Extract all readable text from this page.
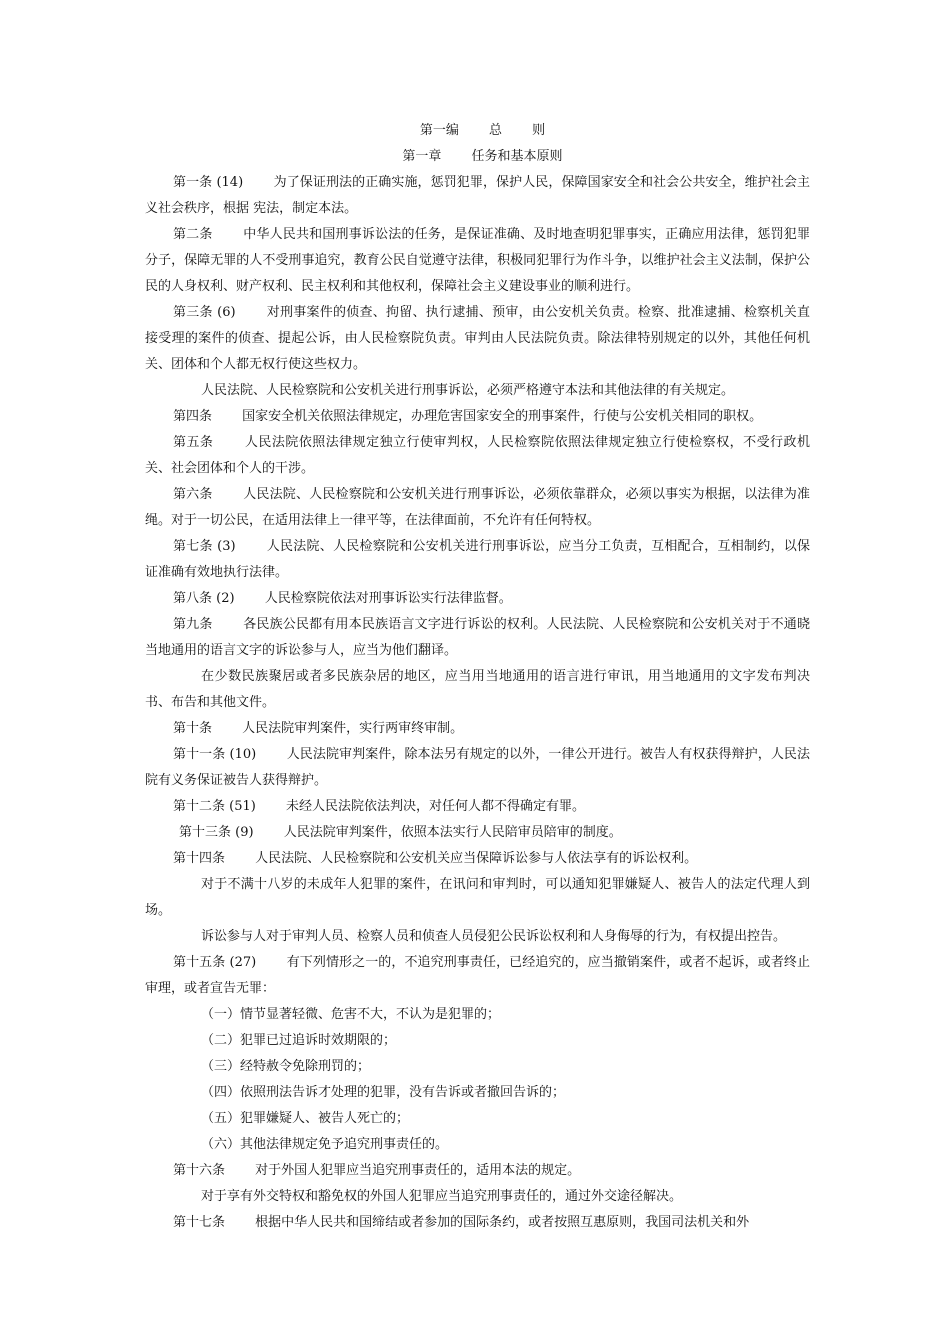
第一编　　 总　　 则

第一章　　 任务和基本原则

第一条 (14)　　 为了保证刑法的正确实施，惩罚犯罪，保护人民，保障国家安全和社会公共安全，维护社会主义社会秩序，根据 宪法，制定本法。

第二条　　 中华人民共和国刑事诉讼法的任务，是保证准确、及时地查明犯罪事实，正确应用法律，惩罚犯罪分子，保障无罪的人不受刑事追究，教育公民自觉遵守法律，积极同犯罪行为作斗争，以维护社会主义法制，保护公民的人身权利、财产权利、民主权利和其他权利，保障社会主义建设事业的顺利进行。

第三条 (6)　　 对刑事案件的侦查、拘留、执行逮捕、预审，由公安机关负责。检察、批准逮捕、检察机关直接受理的案件的侦查、提起公诉，由人民检察院负责。审判由人民法院负责。除法律特别规定的以外，其他任何机关、团体和个人都无权行使这些权力。

人民法院、人民检察院和公安机关进行刑事诉讼，必须严格遵守本法和其他法律的有关规定。

第四条　　 国家安全机关依照法律规定，办理危害国家安全的刑事案件，行使与公安机关相同的职权。

第五条　　 人民法院依照法律规定独立行使审判权，人民检察院依照法律规定独立行使检察权，不受行政机关、社会团体和个人的干涉。

第六条　　 人民法院、人民检察院和公安机关进行刑事诉讼，必须依靠群众，必须以事实为根据，以法律为准绳。对于一切公民，在适用法律上一律平等，在法律面前，不允许有任何特权。

第七条 (3)　　 人民法院、人民检察院和公安机关进行刑事诉讼，应当分工负责，互相配合，互相制约，以保证准确有效地执行法律。

第八条 (2)　　 人民检察院依法对刑事诉讼实行法律监督。

第九条　　 各民族公民都有用本民族语言文字进行诉讼的权利。人民法院、人民检察院和公安机关对于不通晓当地通用的语言文字的诉讼参与人，应当为他们翻译。

在少数民族聚居或者多民族杂居的地区，应当用当地通用的语言进行审讯，用当地通用的文字发布判决书、布告和其他文件。

第十条　　 人民法院审判案件，实行两审终审制。

第十一条 (10)　　 人民法院审判案件，除本法另有规定的以外，一律公开进行。被告人有权获得辩护，人民法院有义务保证被告人获得辩护。

第十二条 (51)　　 未经人民法院依法判决，对任何人都不得确定有罪。

第十三条 (9)　　 人民法院审判案件，依照本法实行人民陪审员陪审的制度。

第十四条　　 人民法院、人民检察院和公安机关应当保障诉讼参与人依法享有的诉讼权利。

对于不满十八岁的未成年人犯罪的案件，在讯问和审判时，可以通知犯罪嫌疑人、被告人的法定代理人到场。

诉讼参与人对于审判人员、检察人员和侦查人员侵犯公民诉讼权利和人身侮辱的行为，有权提出控告。

第十五条 (27)　　 有下列情形之一的，不追究刑事责任，已经追究的，应当撤销案件，或者不起诉，或者终止审理，或者宣告无罪：

（一）情节显著轻微、危害不大，不认为是犯罪的；

（二）犯罪已过追诉时效期限的；

（三）经特赦令免除刑罚的；

（四）依照刑法告诉才处理的犯罪，没有告诉或者撤回告诉的；

（五）犯罪嫌疑人、被告人死亡的；

（六）其他法律规定免予追究刑事责任的。

第十六条　　 对于外国人犯罪应当追究刑事责任的，适用本法的规定。

对于享有外交特权和豁免权的外国人犯罪应当追究刑事责任的，通过外交途径解决。

第十七条　　 根据中华人民共和国缔结或者参加的国际条约，或者按照互惠原则，我国司法机关和外
